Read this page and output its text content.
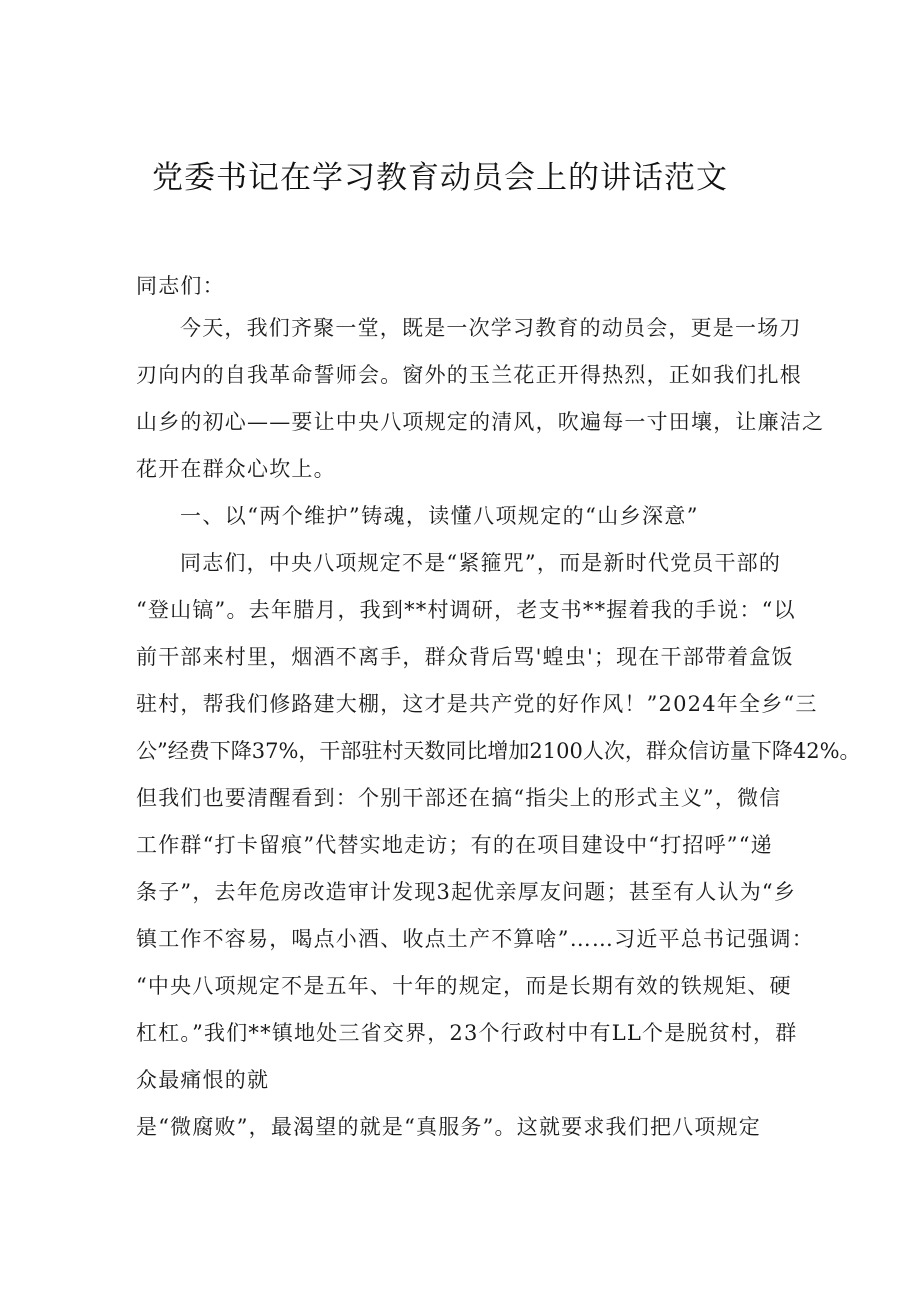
党委书记在学习教育动员会上的讲话范文
同志们：
今天，我们齐聚一堂，既是一次学习教育的动员会，更是一场刀
刃向内的自我革命誓师会。窗外的玉兰花正开得热烈，正如我们扎根
山乡的初心——要让中央八项规定的清风，吹遍每一寸田壤，让廉洁之
花开在群众心坎上。
一、以“两个维护”铸魂，读懂八项规定的“山乡深意”
同志们，中央八项规定不是“紧箍咒”，而是新时代党员干部的
“登山镐”。去年腊月，我到**村调研，老支书**握着我的手说：“以
前干部来村里，烟酒不离手，群众背后骂'蝗虫'；现在干部带着盒饭
驻村，帮我们修路建大棚，这才是共产党的好作风！”2024年全乡“三
公”经费下降37%，干部驻村天数同比增加2100人次，群众信访量下降42%。
但我们也要清醒看到：个别干部还在搞“指尖上的形式主义”，微信
工作群“打卡留痕”代替实地走访；有的在项目建设中“打招呼”“递
条子”，去年危房改造审计发现3起优亲厚友问题；甚至有人认为“乡
镇工作不容易，喝点小酒、收点土产不算啥”……习近平总书记强调：
“中央八项规定不是五年、十年的规定，而是长期有效的铁规矩、硬
杠杠。”我们**镇地处三省交界，23个行政村中有LL个是脱贫村，群
众最痛恨的就
是“微腐败”，最渴望的就是“真服务”。这就要求我们把八项规定
